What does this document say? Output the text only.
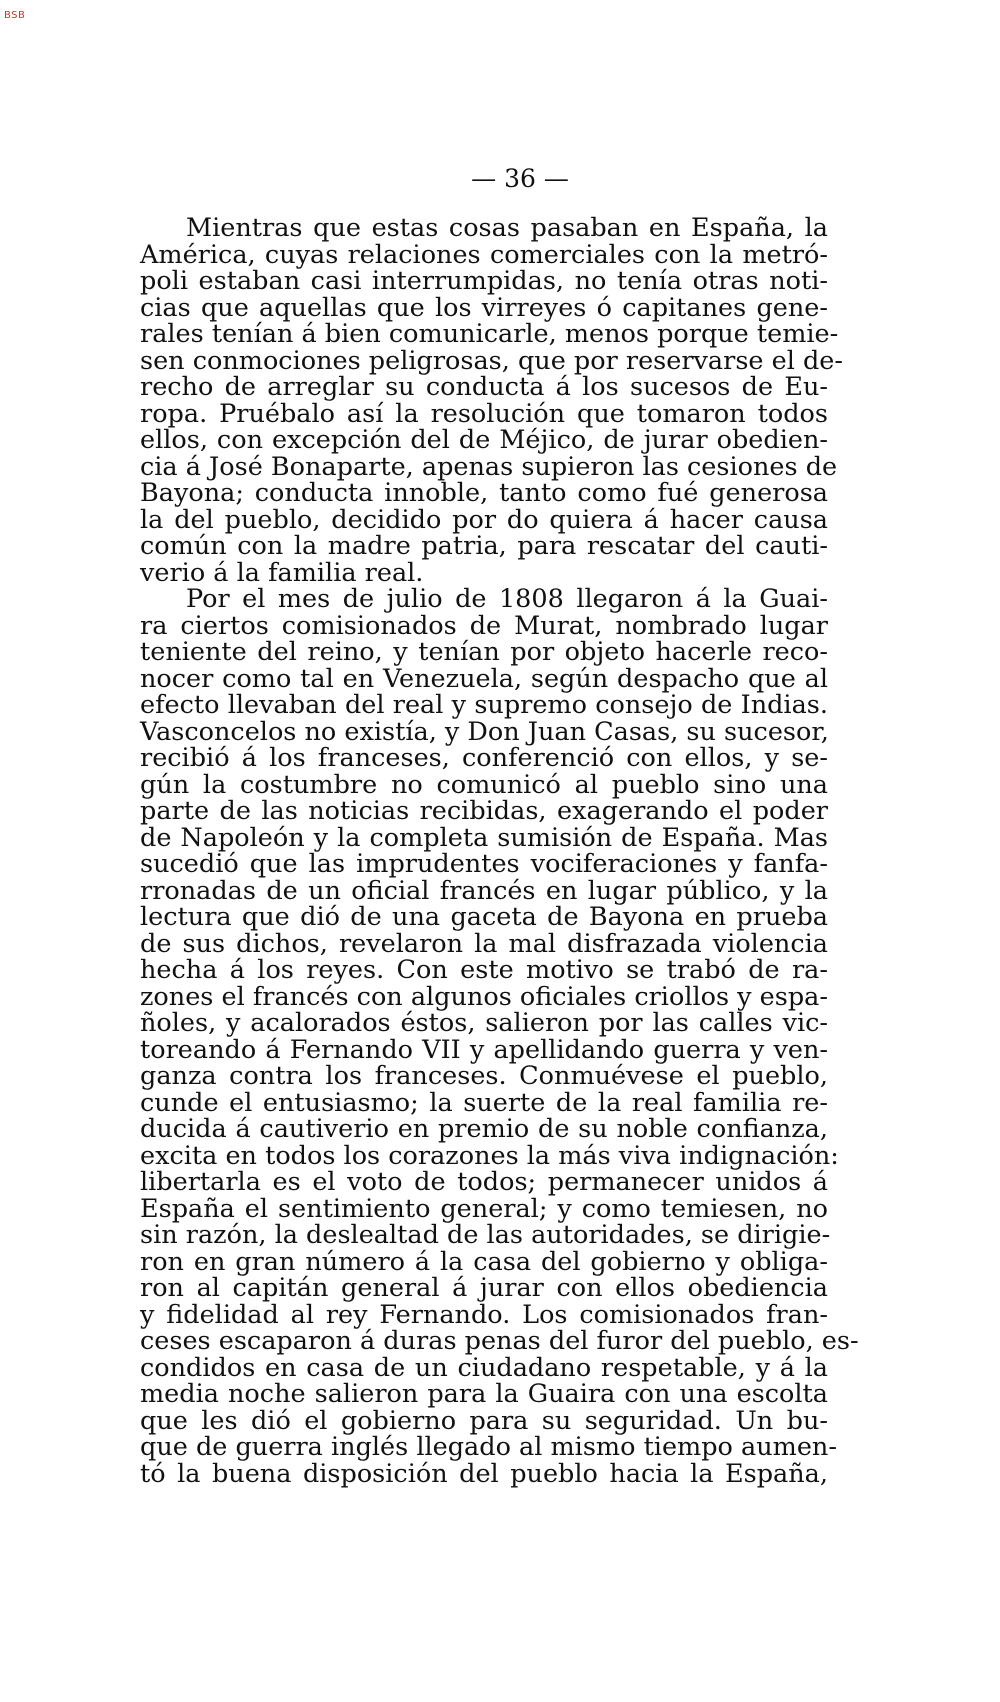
BSB
— 36 —
Mientras que estas cosas pasaban en España, la
América, cuyas relaciones comerciales con la metró-
poli estaban casi interrumpidas, no tenía otras noti-
cias que aquellas que los virreyes ó capitanes gene-
rales tenían á bien comunicarle, menos porque temie-
sen conmociones peligrosas, que por reservarse el de-
recho de arreglar su conducta á los sucesos de Eu-
ropa. Pruébalo así la resolución que tomaron todos
ellos, con excepción del de Méjico, de jurar obedien-
cia á José Bonaparte, apenas supieron las cesiones de
Bayona; conducta innoble, tanto como fué generosa
la del pueblo, decidido por do quiera á hacer causa
común con la madre patria, para rescatar del cauti-
verio á la familia real.
Por el mes de julio de 1808 llegaron á la Guai-
ra ciertos comisionados de Murat, nombrado lugar
teniente del reino, y tenían por objeto hacerle reco-
nocer como tal en Venezuela, según despacho que al
efecto llevaban del real y supremo consejo de Indias.
Vasconcelos no existía, y Don Juan Casas, su sucesor,
recibió á los franceses, conferenció con ellos, y se-
gún la costumbre no comunicó al pueblo sino una
parte de las noticias recibidas, exagerando el poder
de Napoleón y la completa sumisión de España. Mas
sucedió que las imprudentes vociferaciones y fanfa-
rronadas de un oficial francés en lugar público, y la
lectura que dió de una gaceta de Bayona en prueba
de sus dichos, revelaron la mal disfrazada violencia
hecha á los reyes. Con este motivo se trabó de ra-
zones el francés con algunos oficiales criollos y espa-
ñoles, y acalorados éstos, salieron por las calles vic-
toreando á Fernando VII y apellidando guerra y ven-
ganza contra los franceses. Conmuévese el pueblo,
cunde el entusiasmo; la suerte de la real familia re-
ducida á cautiverio en premio de su noble confianza,
excita en todos los corazones la más viva indignación:
libertarla es el voto de todos; permanecer unidos á
España el sentimiento general; y como temiesen, no
sin razón, la deslealtad de las autoridades, se dirigie-
ron en gran número á la casa del gobierno y obliga-
ron al capitán general á jurar con ellos obediencia
y fidelidad al rey Fernando. Los comisionados fran-
ceses escaparon á duras penas del furor del pueblo, es-
condidos en casa de un ciudadano respetable, y á la
media noche salieron para la Guaira con una escolta
que les dió el gobierno para su seguridad. Un bu-
que de guerra inglés llegado al mismo tiempo aumen-
tó la buena disposición del pueblo hacia la España,
